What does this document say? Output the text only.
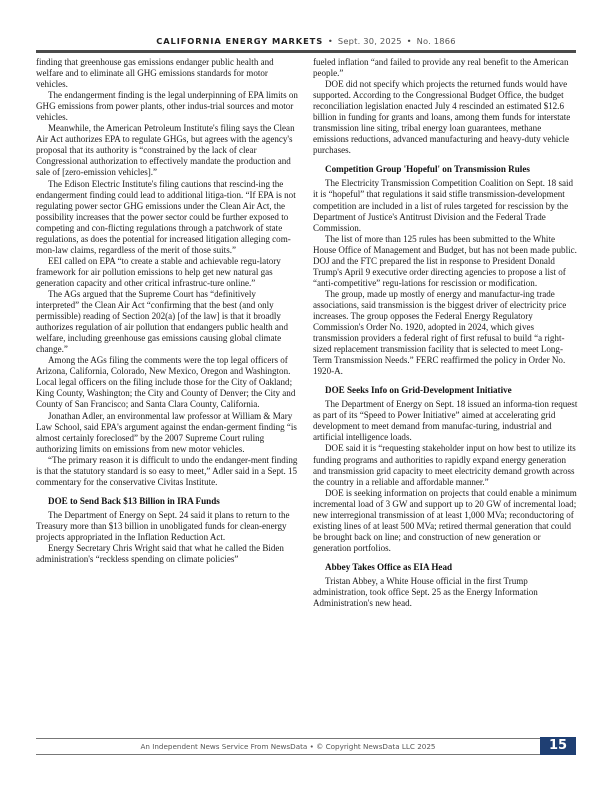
CALIFORNIA ENERGY MARKETS • Sept. 30, 2025 • No. 1866

finding that greenhouse gas emissions endanger public health and welfare and to eliminate all GHG emissions standards for motor vehicles.

The endangerment finding is the legal underpinning of EPA limits on GHG emissions from power plants, other indus-trial sources and motor vehicles.

Meanwhile, the American Petroleum Institute's filing says the Clean Air Act authorizes EPA to regulate GHGs, but agrees with the agency's proposal that its authority is “constrained by the lack of clear Congressional authorization to effectively mandate the production and sale of [zero-emission vehicles].”

The Edison Electric Institute's filing cautions that rescind-ing the endangerment finding could lead to additional litiga-tion. “If EPA is not regulating power sector GHG emissions under the Clean Air Act, the possibility increases that the power sector could be further exposed to competing and con-flicting regulations through a patchwork of state regulations, as does the potential for increased litigation alleging com-mon-law claims, regardless of the merit of those suits.”

EEI called on EPA “to create a stable and achievable regu-latory framework for air pollution emissions to help get new natural gas generation capacity and other critical infrastruc-ture online.”

The AGs argued that the Supreme Court has “definitively interpreted” the Clean Air Act “confirming that the best (and only permissible) reading of Section 202(a) [of the law] is that it broadly authorizes regulation of air pollution that endangers public health and welfare, including greenhouse gas emissions causing global climate change.”

Among the AGs filing the comments were the top legal officers of Arizona, California, Colorado, New Mexico, Oregon and Washington. Local legal officers on the filing include those for the City of Oakland; King County, Washington; the City and County of Denver; the City and County of San Francisco; and Santa Clara County, California.

Jonathan Adler, an environmental law professor at William & Mary Law School, said EPA's argument against the endan-germent finding “is almost certainly foreclosed” by the 2007 Supreme Court ruling authorizing limits on emissions from new motor vehicles.

“The primary reason it is difficult to undo the endanger-ment finding is that the statutory standard is so easy to meet,” Adler said in a Sept. 15 commentary for the conservative Civitas Institute.

DOE to Send Back $13 Billion in IRA Funds

The Department of Energy on Sept. 24 said it plans to return to the Treasury more than $13 billion in unobligated funds for clean-energy projects appropriated in the Inflation Reduction Act.

Energy Secretary Chris Wright said that what he called the Biden administration's “reckless spending on climate policies”

fueled inflation “and failed to provide any real benefit to the American people.”

DOE did not specify which projects the returned funds would have supported. According to the Congressional Budget Office, the budget reconciliation legislation enacted July 4 rescinded an estimated $12.6 billion in funding for grants and loans, among them funds for interstate transmission line siting, tribal energy loan guarantees, methane emissions reductions, advanced manufacturing and heavy-duty vehicle purchases.

Competition Group 'Hopeful' on Transmission Rules

The Electricity Transmission Competition Coalition on Sept. 18 said it is “hopeful” that regulations it said stifle transmission-development competition are included in a list of rules targeted for rescission by the Department of Justice's Antitrust Division and the Federal Trade Commission.

The list of more than 125 rules has been submitted to the White House Office of Management and Budget, but has not been made public. DOJ and the FTC prepared the list in response to President Donald Trump's April 9 executive order directing agencies to propose a list of “anti-competitive” regu-lations for rescission or modification.

The group, made up mostly of energy and manufactur-ing trade associations, said transmission is the biggest driver of electricity price increases. The group opposes the Federal Energy Regulatory Commission's Order No. 1920, adopted in 2024, which gives transmission providers a federal right of first refusal to build “a right-sized replacement transmission facility that is selected to meet Long-Term Transmission Needs.” FERC reaffirmed the policy in Order No. 1920-A.

DOE Seeks Info on Grid-Development Initiative

The Department of Energy on Sept. 18 issued an informa-tion request as part of its “Speed to Power Initiative” aimed at accelerating grid development to meet demand from manufac-turing, industrial and artificial intelligence loads.

DOE said it is “requesting stakeholder input on how best to utilize its funding programs and authorities to rapidly expand energy generation and transmission grid capacity to meet electricity demand growth across the country in a reliable and affordable manner.”

DOE is seeking information on projects that could enable a minimum incremental load of 3 GW and support up to 20 GW of incremental load; new interregional transmission of at least 1,000 MVa; reconductoring of existing lines of at least 500 MVa; retired thermal generation that could be brought back on line; and construction of new generation or generation portfolios.

Abbey Takes Office as EIA Head

Tristan Abbey, a White House official in the first Trump administration, took office Sept. 25 as the Energy Information Administration's new head.

An Independent News Service From NewsData • © Copyright NewsData LLC 2025	15
